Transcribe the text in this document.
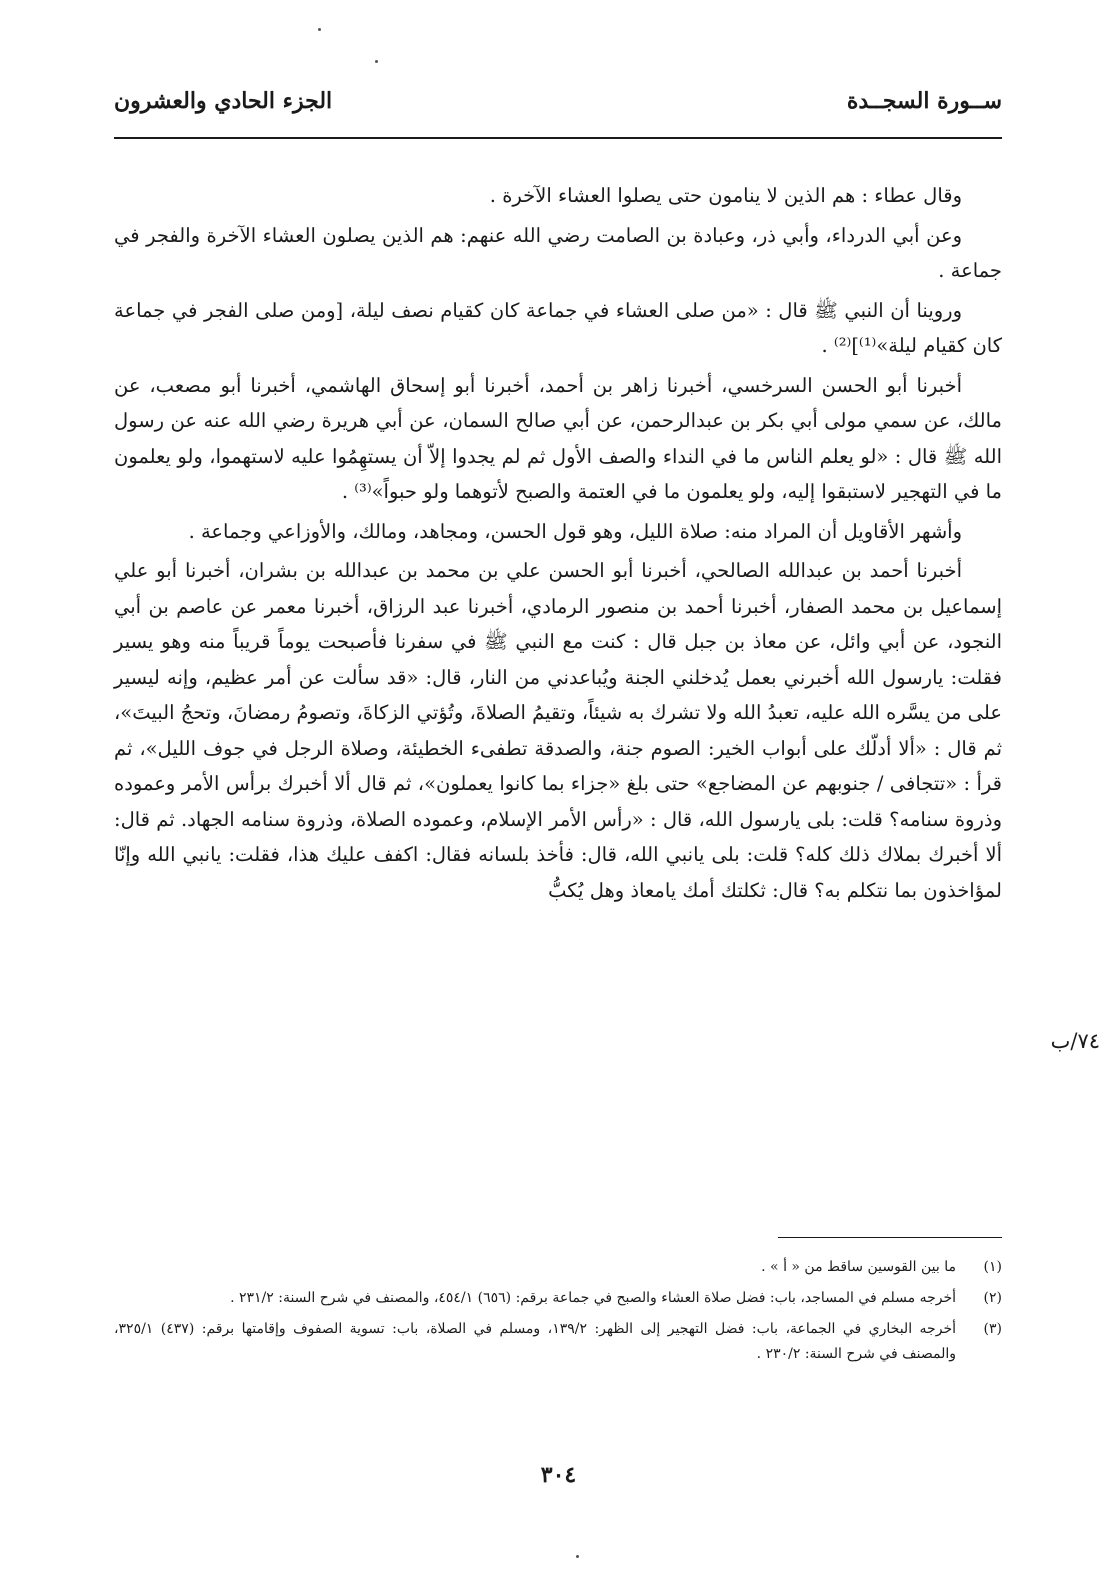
ســورة السجــدة
الجزء الحادي والعشرون

وقال عطاء : هم الذين لا ينامون حتى يصلوا العشاء الآخرة .

وعن أبي الدرداء، وأبي ذر، وعبادة بن الصامت رضي الله عنهم: هم الذين يصلون العشاء الآخرة والفجر في جماعة .

وروينا أن النبي ﷺ قال : «من صلى العشاء في جماعة كان كقيام نصف ليلة، [ومن صلى الفجر في جماعة كان كقيام ليلة»⁽¹⁾]⁽²⁾ .

أخبرنا أبو الحسن السرخسي، أخبرنا زاهر بن أحمد، أخبرنا أبو إسحاق الهاشمي، أخبرنا أبو مصعب، عن مالك، عن سمي مولى أبي بكر بن عبدالرحمن، عن أبي صالح السمان، عن أبي هريرة رضي الله عنه عن رسول الله ﷺ قال : «لو يعلم الناس ما في النداء والصف الأول ثم لم يجدوا إلاّ أن يستهِمُوا عليه لاستهموا، ولو يعلمون ما في التهجير لاستبقوا إليه، ولو يعلمون ما في العتمة والصبح لأتوهما ولو حبواً»⁽³⁾ .

وأشهر الأقاويل أن المراد منه: صلاة الليل، وهو قول الحسن، ومجاهد، ومالك، والأوزاعي وجماعة .

أخبرنا أحمد بن عبدالله الصالحي، أخبرنا أبو الحسن علي بن محمد بن عبدالله بن بشران، أخبرنا أبو علي إسماعيل بن محمد الصفار، أخبرنا أحمد بن منصور الرمادي، أخبرنا عبد الرزاق، أخبرنا معمر عن عاصم بن أبي النجود، عن أبي وائل، عن معاذ بن جبل قال : كنت مع النبي ﷺ في سفرنا فأصبحت يوماً قريباً منه وهو يسير فقلت: يارسول الله أخبرني بعمل يُدخلني الجنة ويُباعدني من النار، قال: «قد سألت عن أمر عظيم، وإنه ليسير على من يسَّره الله عليه، تعبدُ الله ولا تشرك به شيئاً، وتقيمُ الصلاةَ، وتُؤتي الزكاةَ، وتصومُ رمضانَ، وتحجُ البيتَ»، ثم قال : «ألا أدلّك على أبواب الخير: الصوم جنة، والصدقة تطفىء الخطيئة، وصلاة الرجل في جوف الليل»، ثم قرأ : «تتجافى / جنوبهم عن المضاجع» حتى بلغ «جزاء بما كانوا يعملون»، ثم قال ألا أخبرك برأس الأمر وعموده وذروة سنامه؟ قلت: بلى يارسول الله، قال : «رأس الأمر الإسلام، وعموده الصلاة، وذروة سنامه الجهاد. ثم قال: ألا أخبرك بملاك ذلك كله؟ قلت: بلى يانبي الله، قال: فأخذ بلسانه فقال: اكفف عليك هذا، فقلت: يانبي الله وإنّا لمؤاخذون بما نتكلم به؟ قال: ثكلتك أمك يامعاذ وهل يُكبُّ

٧٤/ب
(١)
ما بين القوسين ساقط من « أ » .
(٢)
أخرجه مسلم في المساجد، باب: فضل صلاة العشاء والصبح في جماعة برقم: (٦٥٦) ٤٥٤/١، والمصنف في شرح السنة: ٢٣١/٢ .
(٣)
أخرجه البخاري في الجماعة، باب: فضل التهجير إلى الظهر: ١٣٩/٢، ومسلم في الصلاة، باب: تسوية الصفوف وإقامتها برقم: (٤٣٧) ٣٢٥/١، والمصنف في شرح السنة: ٢٣٠/٢ .
٣٠٤
